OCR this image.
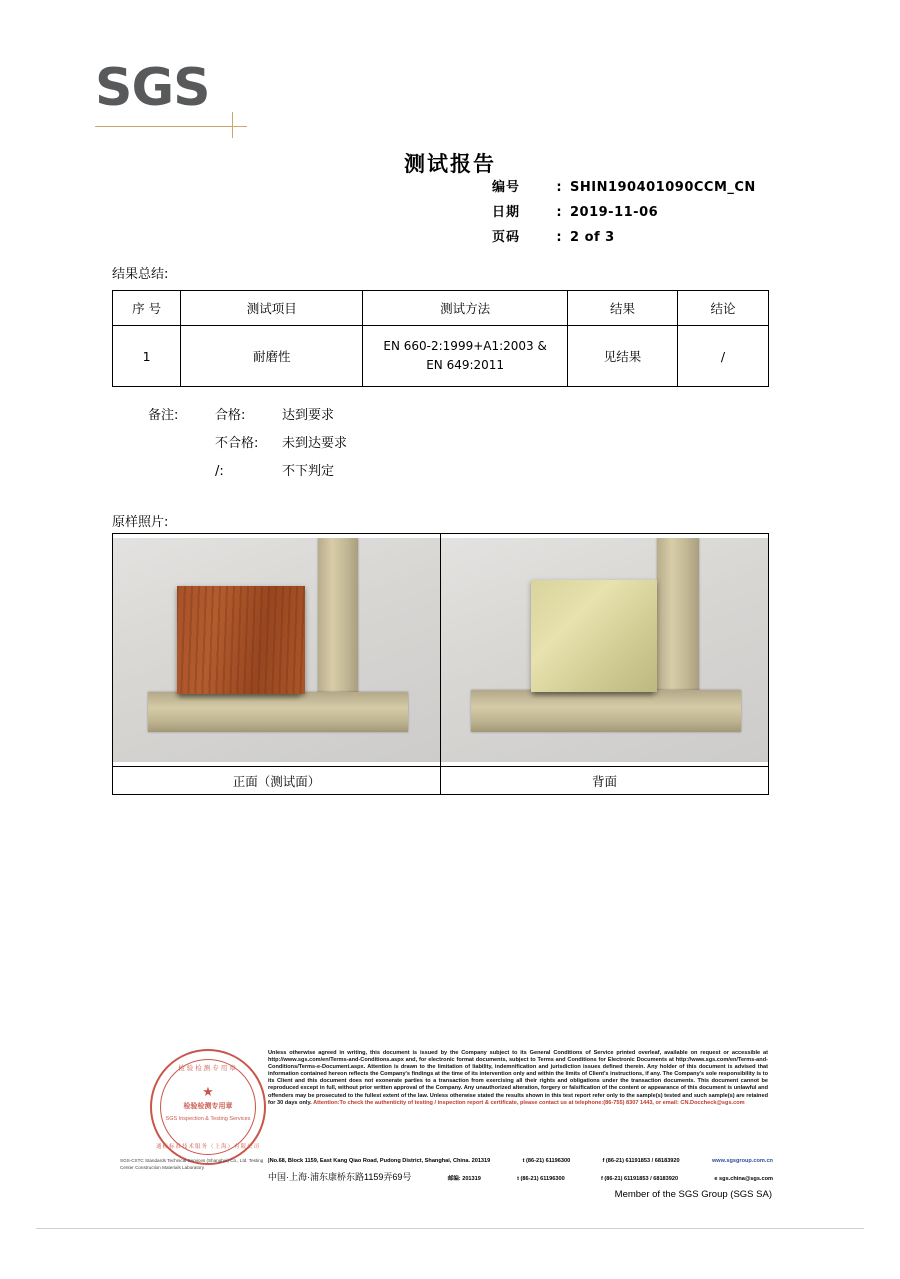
SGS
测试报告
编号	: SHIN190401090CCM_CN
日期	: 2019-11-06
页码	: 2 of 3
结果总结:
序 号	测试项目	测试方法	结果	结论
1	耐磨性	EN 660-2:1999+A1:2003 &
EN 649:2011	见结果	/
备注:	合格:	达到要求
不合格:	未到达要求
/:	不下判定
原样照片:

正面（测试面）	背面
检验检测专用章
★
检验检测专用章
SGS Inspection & Testing Services
通标标准技术服务（上海）有限公司
Unless otherwise agreed in writing, this document is issued by the Company subject to its General Conditions of Service printed overleaf, available on request or accessible at http://www.sgs.com/en/Terms-and-Conditions.aspx and, for electronic format documents, subject to Terms and Conditions for Electronic Documents at http://www.sgs.com/en/Terms-and-Conditions/Terms-e-Document.aspx. Attention is drawn to the limitation of liability, indemnification and jurisdiction issues defined therein. Any holder of this document is advised that information contained hereon reflects the Company's findings at the time of its intervention only and within the limits of Client's instructions, if any. The Company's sole responsibility is to its Client and this document does not exonerate parties to a transaction from exercising all their rights and obligations under the transaction documents. This document cannot be reproduced except in full, without prior written approval of the Company. Any unauthorized alteration, forgery or falsification of the content or appearance of this document is unlawful and offenders may be prosecuted to the fullest extent of the law. Unless otherwise stated the results shown in this test report refer only to the sample(s) tested and such sample(s) are retained for 30 days only. Attention:To check the authenticity of testing / inspection report & certificate, please contact us at telephone:(86-755) 8307 1443, or email: CN.Doccheck@sgs.com
SGS-CSTC Standards Technical Services (Shanghai) Co., Ltd. Testing Center Construction Materials Laboratory
|No.68, Block 1159, East Kang Qiao Road, Pudong District, Shanghai, China. 201319	t (86-21) 61196300	f (86-21) 61191853 / 68183920	www.sgsgroup.com.cn
中国·上海·浦东康桥东路1159弄69号	邮编: 201319	t (86-21) 61196300	f (86-21) 61191853 / 68183920	e sgs.china@sgs.com
Member of the SGS Group (SGS SA)
